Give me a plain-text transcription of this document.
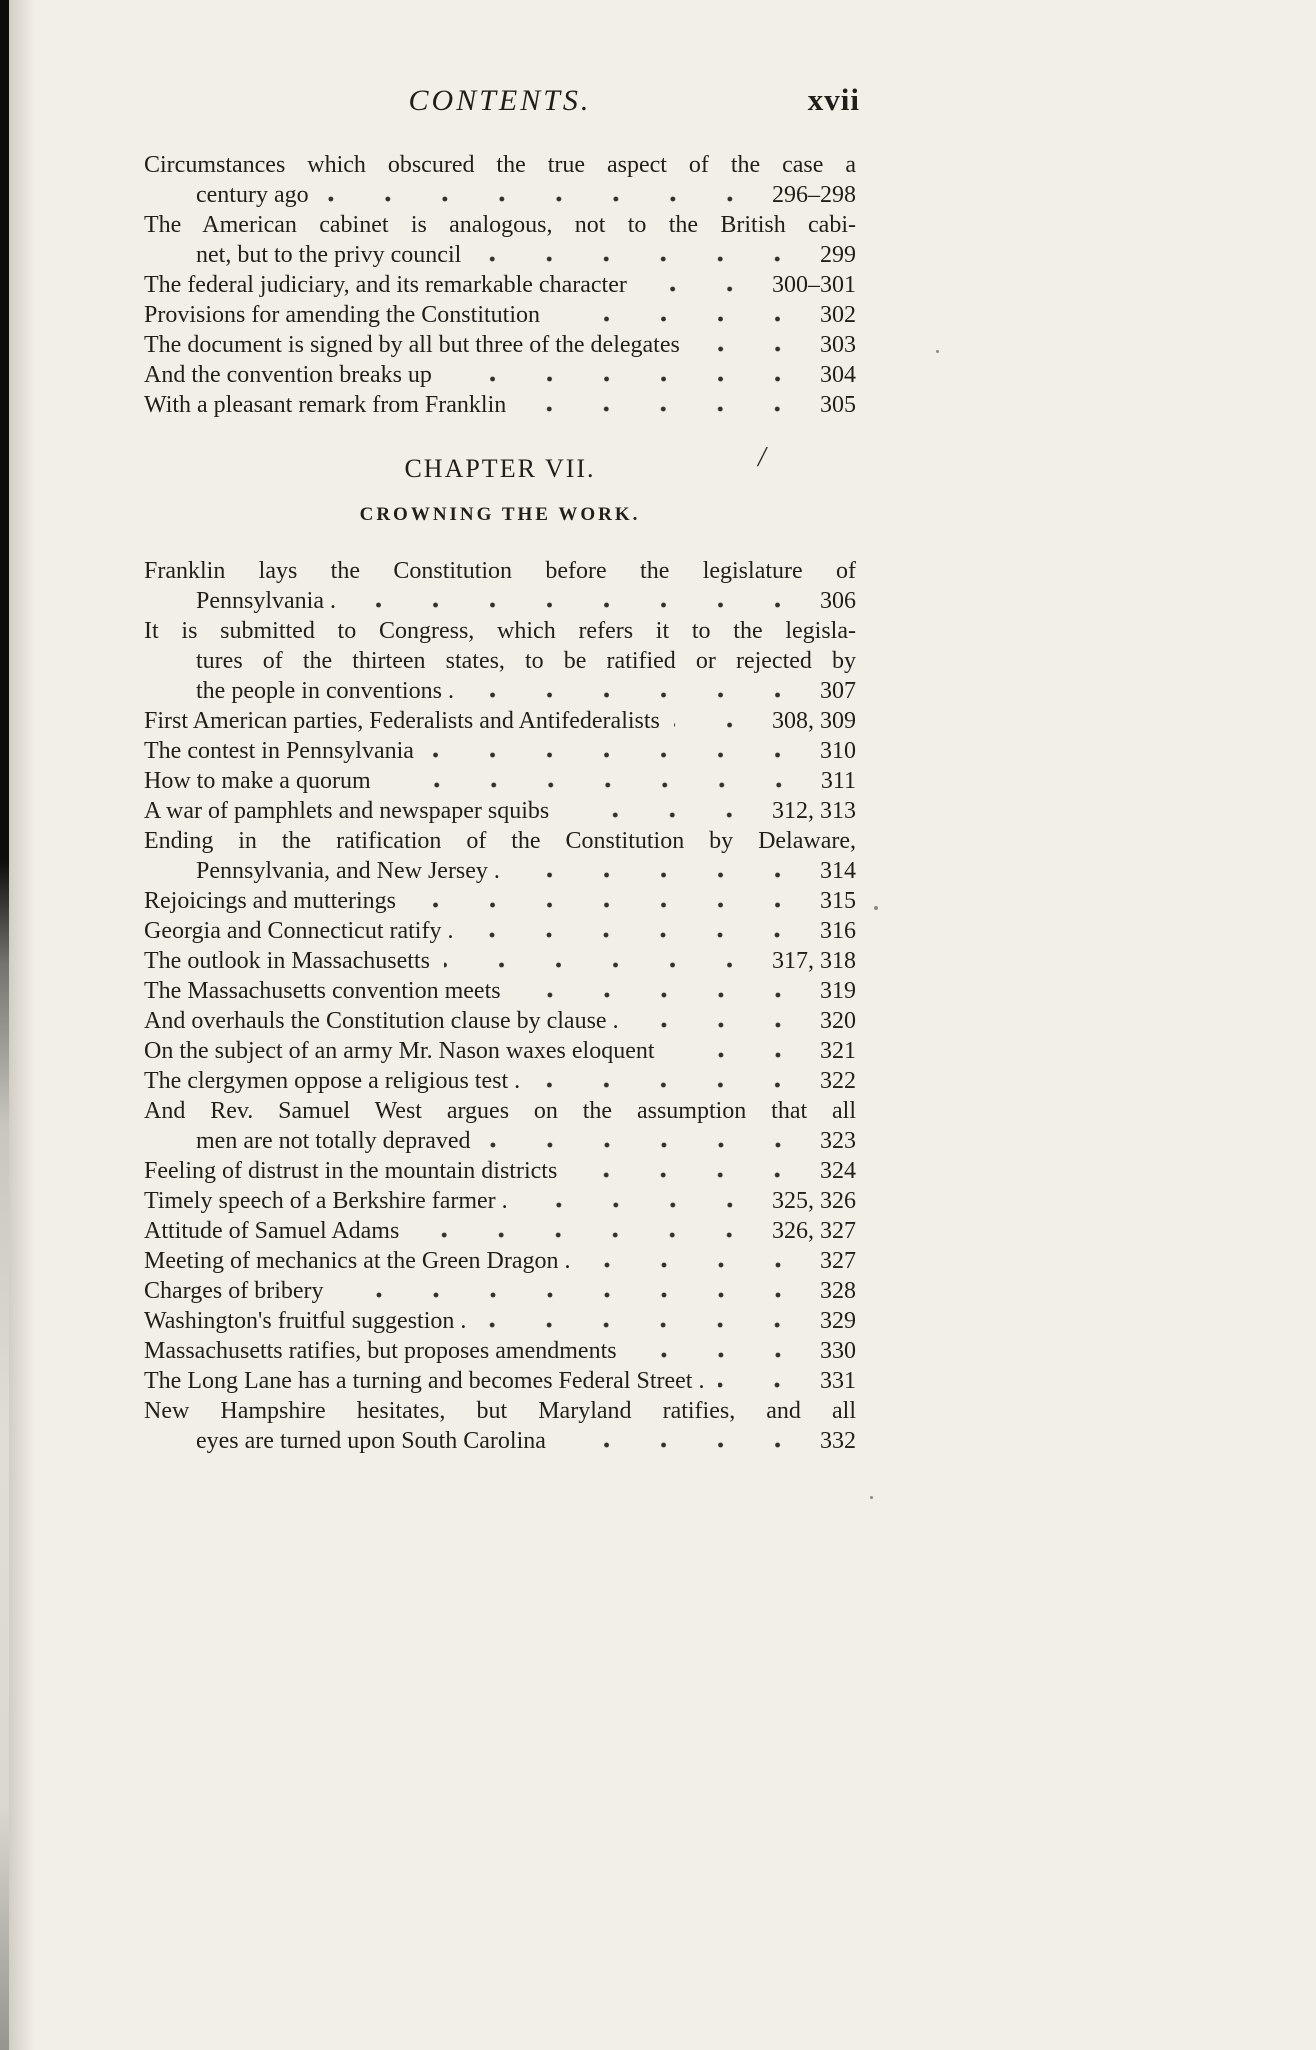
/
CONTENTS.	xvii
Circumstances which obscured the true aspect of the case a
century ago	296–298
The American cabinet is analogous, not to the British cabi-
net, but to the privy council	299
The federal judiciary, and its remarkable character	300–301
Provisions for amending the Constitution	302
The document is signed by all but three of the delegates	303
And the convention breaks up	304
With a pleasant remark from Franklin	305
CHAPTER VII.
CROWNING THE WORK.
Franklin lays the Constitution before the legislature of
Pennsylvania .	306
It is submitted to Congress, which refers it to the legisla-
tures of the thirteen states, to be ratified or rejected by
the people in conventions .	307
First American parties, Federalists and Antifederalists	308, 309
The contest in Pennsylvania	310
How to make a quorum	311
A war of pamphlets and newspaper squibs	312, 313
Ending in the ratification of the Constitution by Delaware,
Pennsylvania, and New Jersey .	314
Rejoicings and mutterings	315
Georgia and Connecticut ratify .	316
The outlook in Massachusetts	317, 318
The Massachusetts convention meets	319
And overhauls the Constitution clause by clause .	320
On the subject of an army Mr. Nason waxes eloquent	321
The clergymen oppose a religious test .	322
And Rev. Samuel West argues on the assumption that all
men are not totally depraved	323
Feeling of distrust in the mountain districts	324
Timely speech of a Berkshire farmer .	325, 326
Attitude of Samuel Adams	326, 327
Meeting of mechanics at the Green Dragon .	327
Charges of bribery	328
Washington's fruitful suggestion .	329
Massachusetts ratifies, but proposes amendments	330
The Long Lane has a turning and becomes Federal Street .	331
New Hampshire hesitates, but Maryland ratifies, and all
eyes are turned upon South Carolina	332
